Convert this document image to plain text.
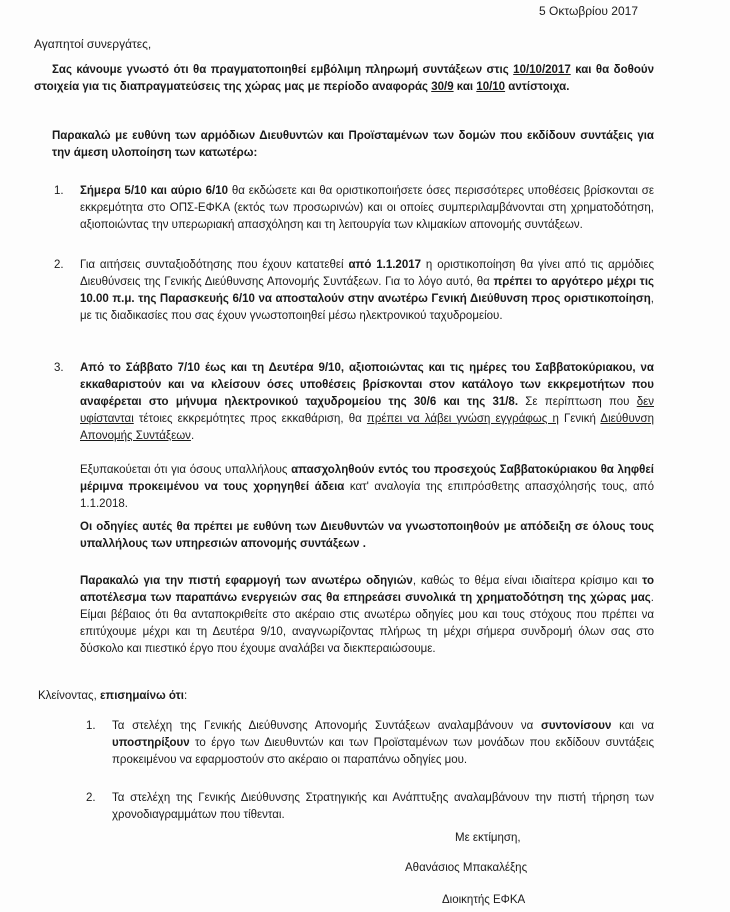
5 Οκτωβρίου 2017
Αγαπητοί συνεργάτες,
Σας κάνουμε γνωστό ότι θα πραγματοποιηθεί εμβόλιμη πληρωμή συντάξεων στις 10/10/2017 και θα δοθούν στοιχεία για τις διαπραγματεύσεις της χώρας μας με περίοδο αναφοράς 30/9 και 10/10 αντίστοιχα.
Παρακαλώ με ευθύνη των αρμόδιων Διευθυντών και Προϊσταμένων των δομών που εκδίδουν συντάξεις για την άμεση υλοποίηση των κατωτέρω:
1. Σήμερα 5/10 και αύριο 6/10 θα εκδώσετε και θα οριστικοποιήσετε όσες περισσότερες υποθέσεις βρίσκονται σε εκκρεμότητα στο ΟΠΣ-ΕΦΚΑ (εκτός των προσωρινών) και οι οποίες συμπεριλαμβάνονται στη χρηματοδότηση, αξιοποιώντας την υπερωριακή απασχόληση και τη λειτουργία των κλιμακίων απονομής συντάξεων.
2. Για αιτήσεις συνταξιοδότησης που έχουν κατατεθεί από 1.1.2017 η οριστικοποίηση θα γίνει από τις αρμόδιες Διευθύνσεις της Γενικής Διεύθυνσης Απονομής Συντάξεων. Για το λόγο αυτό, θα πρέπει το αργότερο μέχρι τις 10.00 π.μ. της Παρασκευής 6/10 να αποσταλούν στην ανωτέρω Γενική Διεύθυνση προς οριστικοποίηση, με τις διαδικασίες που σας έχουν γνωστοποιηθεί μέσω ηλεκτρονικού ταχυδρομείου.
3. Από το Σάββατο 7/10 έως και τη Δευτέρα 9/10, αξιοποιώντας και τις ημέρες του Σαββατοκύριακου, να εκκαθαριστούν και να κλείσουν όσες υποθέσεις βρίσκονται στον κατάλογο των εκκρεμοτήτων που αναφέρεται στο μήνυμα ηλεκτρονικού ταχυδρομείου της 30/6 και της 31/8. Σε περίπτωση που δεν υφίστανται τέτοιες εκκρεμότητες προς εκκαθάριση, θα πρέπει να λάβει γνώση εγγράφως η Γενική Διεύθυνση Απονομής Συντάξεων.
Εξυπακούεται ότι για όσους υπαλλήλους απασχοληθούν εντός του προσεχούς Σαββατοκύριακου θα ληφθεί μέριμνα προκειμένου να τους χορηγηθεί άδεια κατ' αναλογία της επιπρόσθετης απασχόλησής τους, από 1.1.2018.
Οι οδηγίες αυτές θα πρέπει με ευθύνη των Διευθυντών να γνωστοποιηθούν με απόδειξη σε όλους τους υπαλλήλους των υπηρεσιών απονομής συντάξεων .
Παρακαλώ για την πιστή εφαρμογή των ανωτέρω οδηγιών, καθώς το θέμα είναι ιδιαίτερα κρίσιμο και το αποτέλεσμα των παραπάνω ενεργειών σας θα επηρεάσει συνολικά τη χρηματοδότηση της χώρας μας. Είμαι βέβαιος ότι θα ανταποκριθείτε στο ακέραιο στις ανωτέρω οδηγίες μου και τους στόχους που πρέπει να επιτύχουμε μέχρι και τη Δευτέρα 9/10, αναγνωρίζοντας πλήρως τη μέχρι σήμερα συνδρομή όλων σας στο δύσκολο και πιεστικό έργο που έχουμε αναλάβει να διεκπεραιώσουμε.
Κλείνοντας, επισημαίνω ότι:
1. Τα στελέχη της Γενικής Διεύθυνσης Απονομής Συντάξεων αναλαμβάνουν να συντονίσουν και να υποστηρίξουν το έργο των Διευθυντών και των Προϊσταμένων των μονάδων που εκδίδουν συντάξεις προκειμένου να εφαρμοστούν στο ακέραιο οι παραπάνω οδηγίες μου.
2. Τα στελέχη της Γενικής Διεύθυνσης Στρατηγικής και Ανάπτυξης αναλαμβάνουν την πιστή τήρηση των χρονοδιαγραμμάτων που τίθενται.
Με εκτίμηση,
Αθανάσιος Μπακαλέξης
Διοικητής ΕΦΚΑ
